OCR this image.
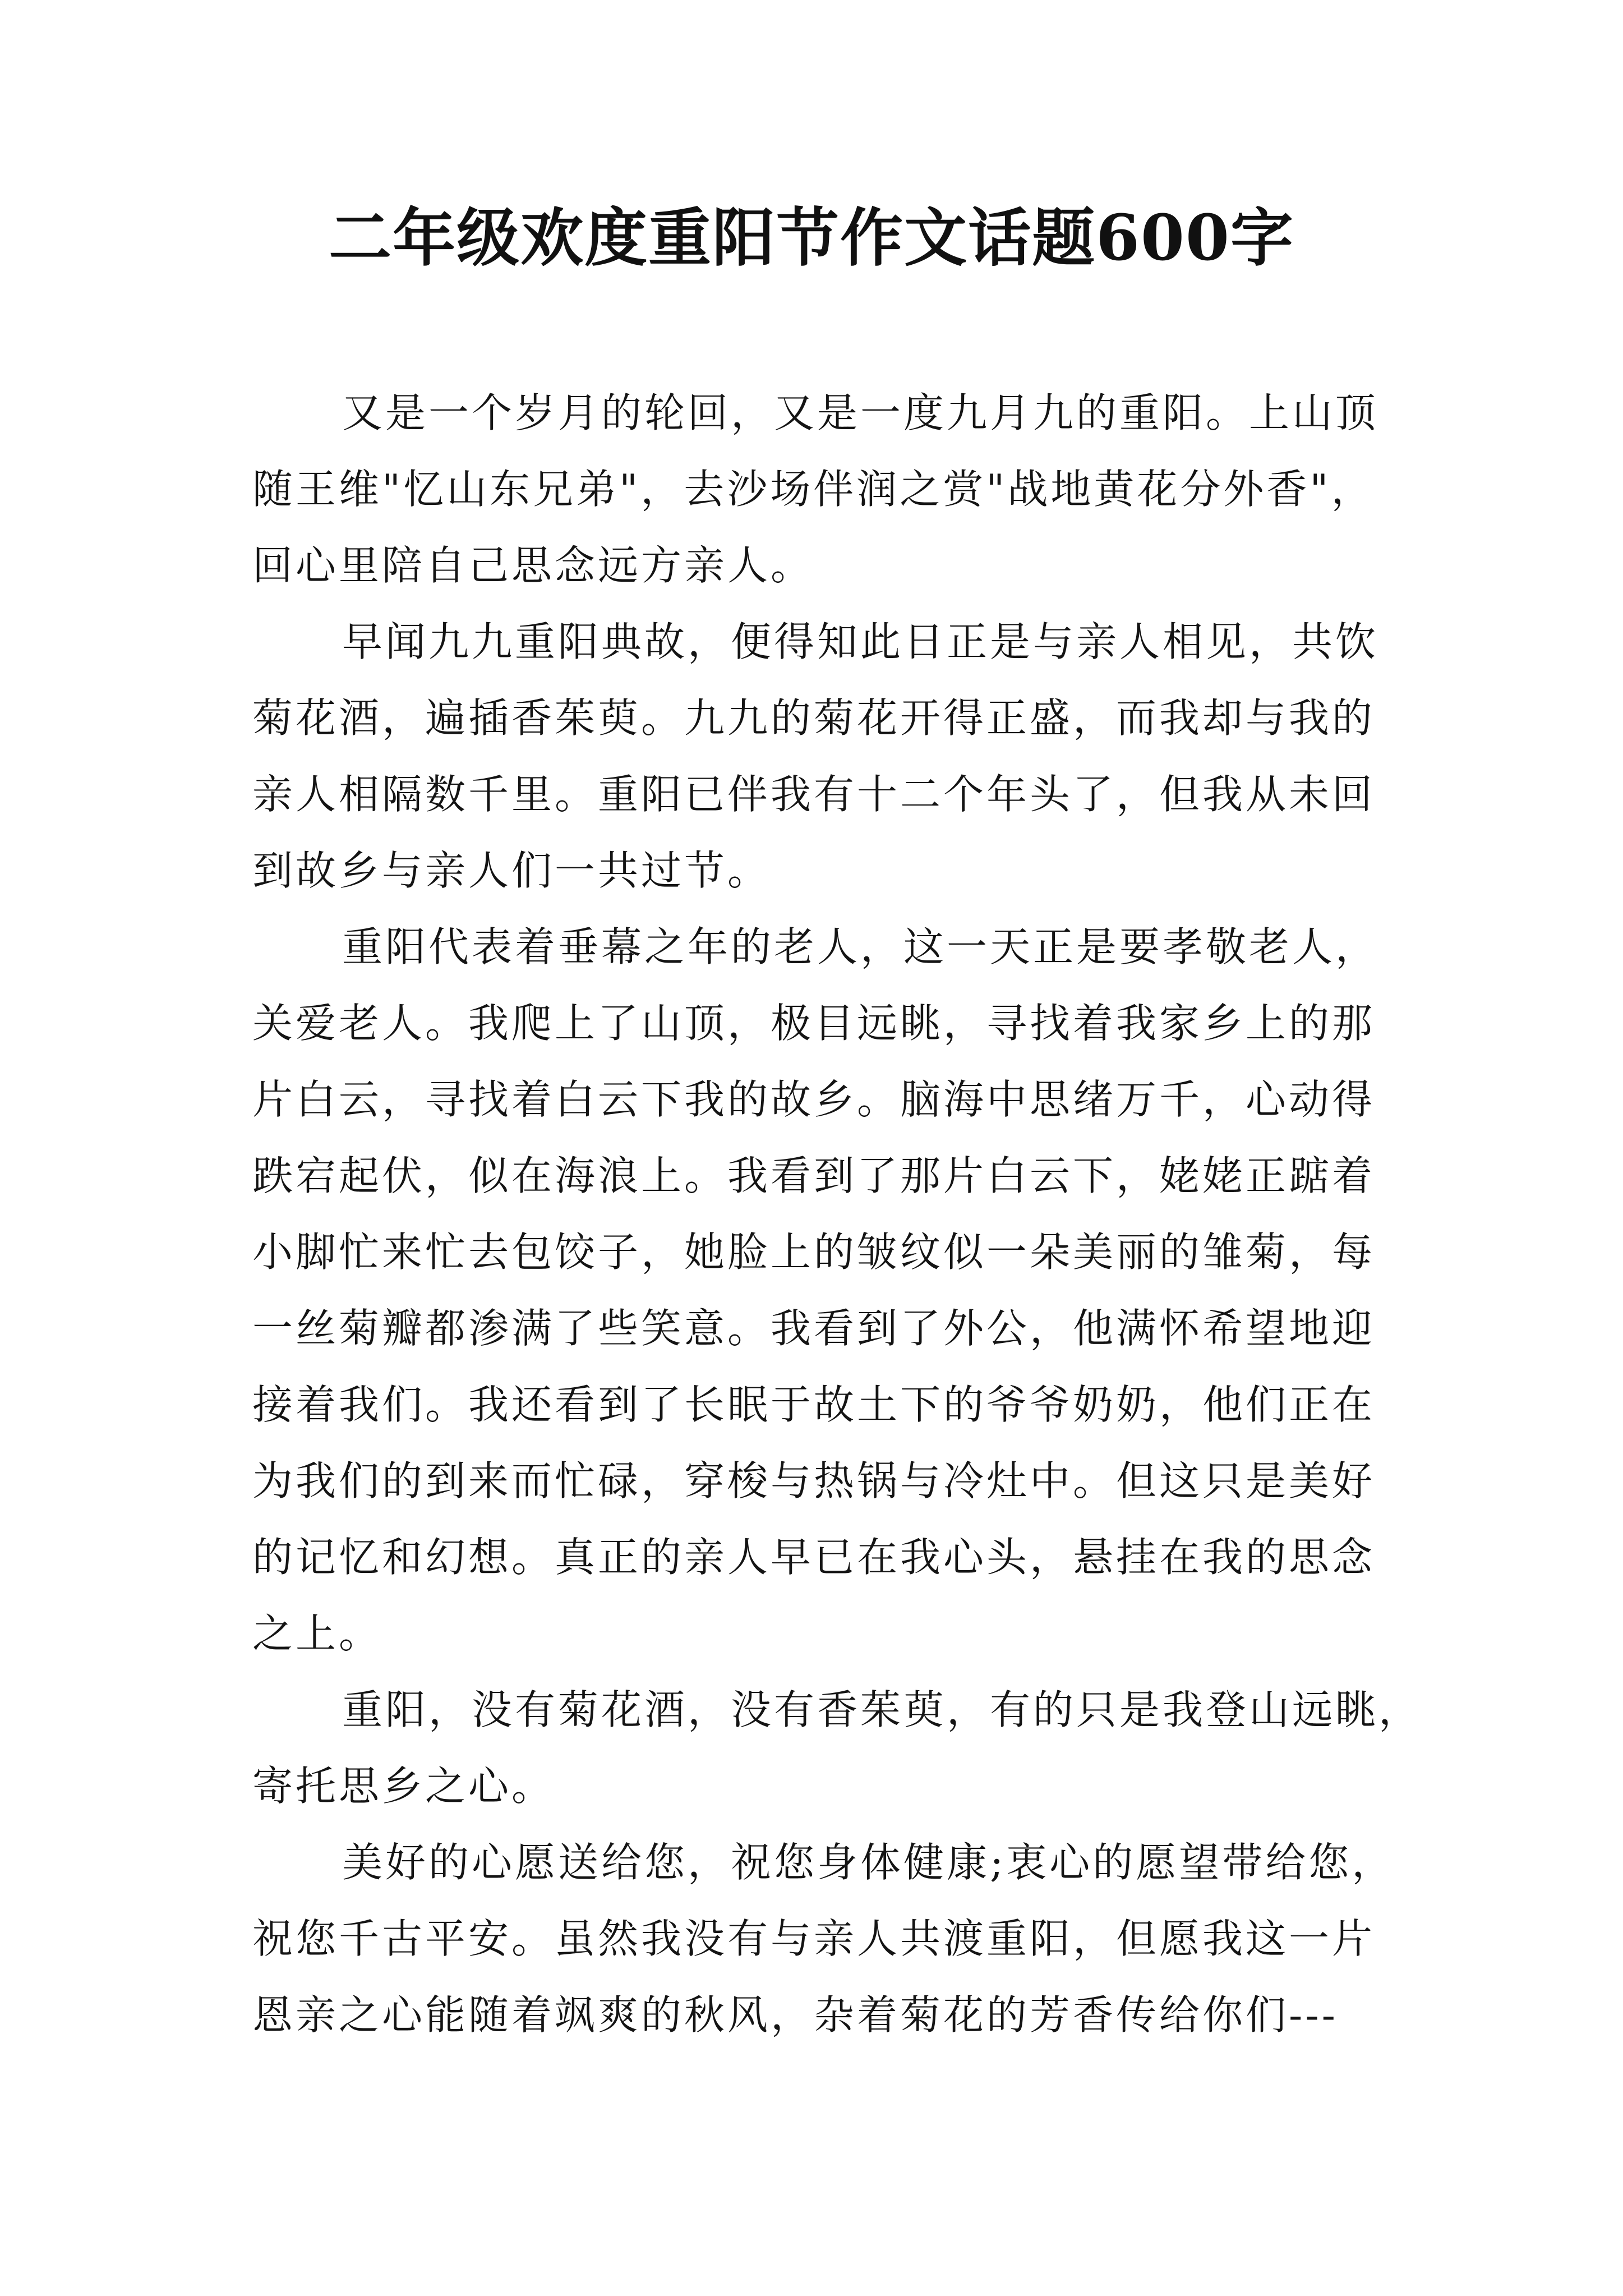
二年级欢度重阳节作文话题600字

又是一个岁月的轮回，又是一度九月九的重阳。上山顶
随王维"忆山东兄弟"，去沙场伴润之赏"战地黄花分外香"，
回心里陪自己思念远方亲人。

早闻九九重阳典故，便得知此日正是与亲人相见，共饮
菊花酒，遍插香茱萸。九九的菊花开得正盛，而我却与我的
亲人相隔数千里。重阳已伴我有十二个年头了，但我从未回
到故乡与亲人们一共过节。

重阳代表着垂幕之年的老人，这一天正是要孝敬老人，
关爱老人。我爬上了山顶，极目远眺，寻找着我家乡上的那
片白云，寻找着白云下我的故乡。脑海中思绪万千，心动得
跌宕起伏，似在海浪上。我看到了那片白云下，姥姥正踮着
小脚忙来忙去包饺子，她脸上的皱纹似一朵美丽的雏菊，每
一丝菊瓣都渗满了些笑意。我看到了外公，他满怀希望地迎
接着我们。我还看到了长眠于故土下的爷爷奶奶，他们正在
为我们的到来而忙碌，穿梭与热锅与冷灶中。但这只是美好
的记忆和幻想。真正的亲人早已在我心头，悬挂在我的思念
之上。

重阳，没有菊花酒，没有香茱萸，有的只是我登山远眺，
寄托思乡之心。

美好的心愿送给您，祝您身体健康;衷心的愿望带给您，
祝您千古平安。虽然我没有与亲人共渡重阳，但愿我这一片
恩亲之心能随着飒爽的秋风，杂着菊花的芳香传给你们---
